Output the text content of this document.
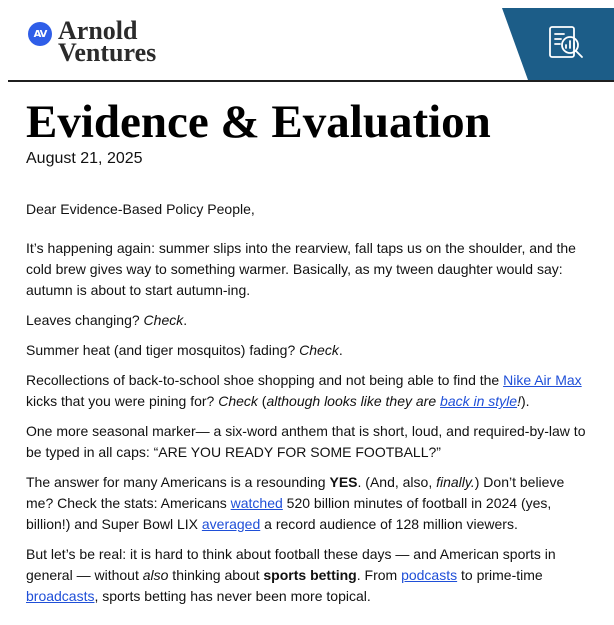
AV Arnold
Ventures
Evidence & Evaluation
August 21, 2025

Dear Evidence-Based Policy People,

It’s happening again: summer slips into the rearview, fall taps us on the shoulder, and the cold brew gives way to something warmer. Basically, as my tween daughter would say: autumn is about to start autumn-ing.

Leaves changing? Check.

Summer heat (and tiger mosquitos) fading? Check.

Recollections of back-to-school shoe shopping and not being able to find the Nike Air Max kicks that you were pining for? Check (although looks like they are back in style!).

One more seasonal marker— a six-word anthem that is short, loud, and required-by-law to be typed in all caps: “ARE YOU READY FOR SOME FOOTBALL?”

The answer for many Americans is a resounding YES. (And, also, finally.) Don’t believe me? Check the stats: Americans watched 520 billion minutes of football in 2024 (yes, billion!) and Super Bowl LIX averaged a record audience of 128 million viewers.

But let’s be real: it is hard to think about football these days — and American sports in general — without also thinking about sports betting. From podcasts to prime-time broadcasts, sports betting has never been more topical.
